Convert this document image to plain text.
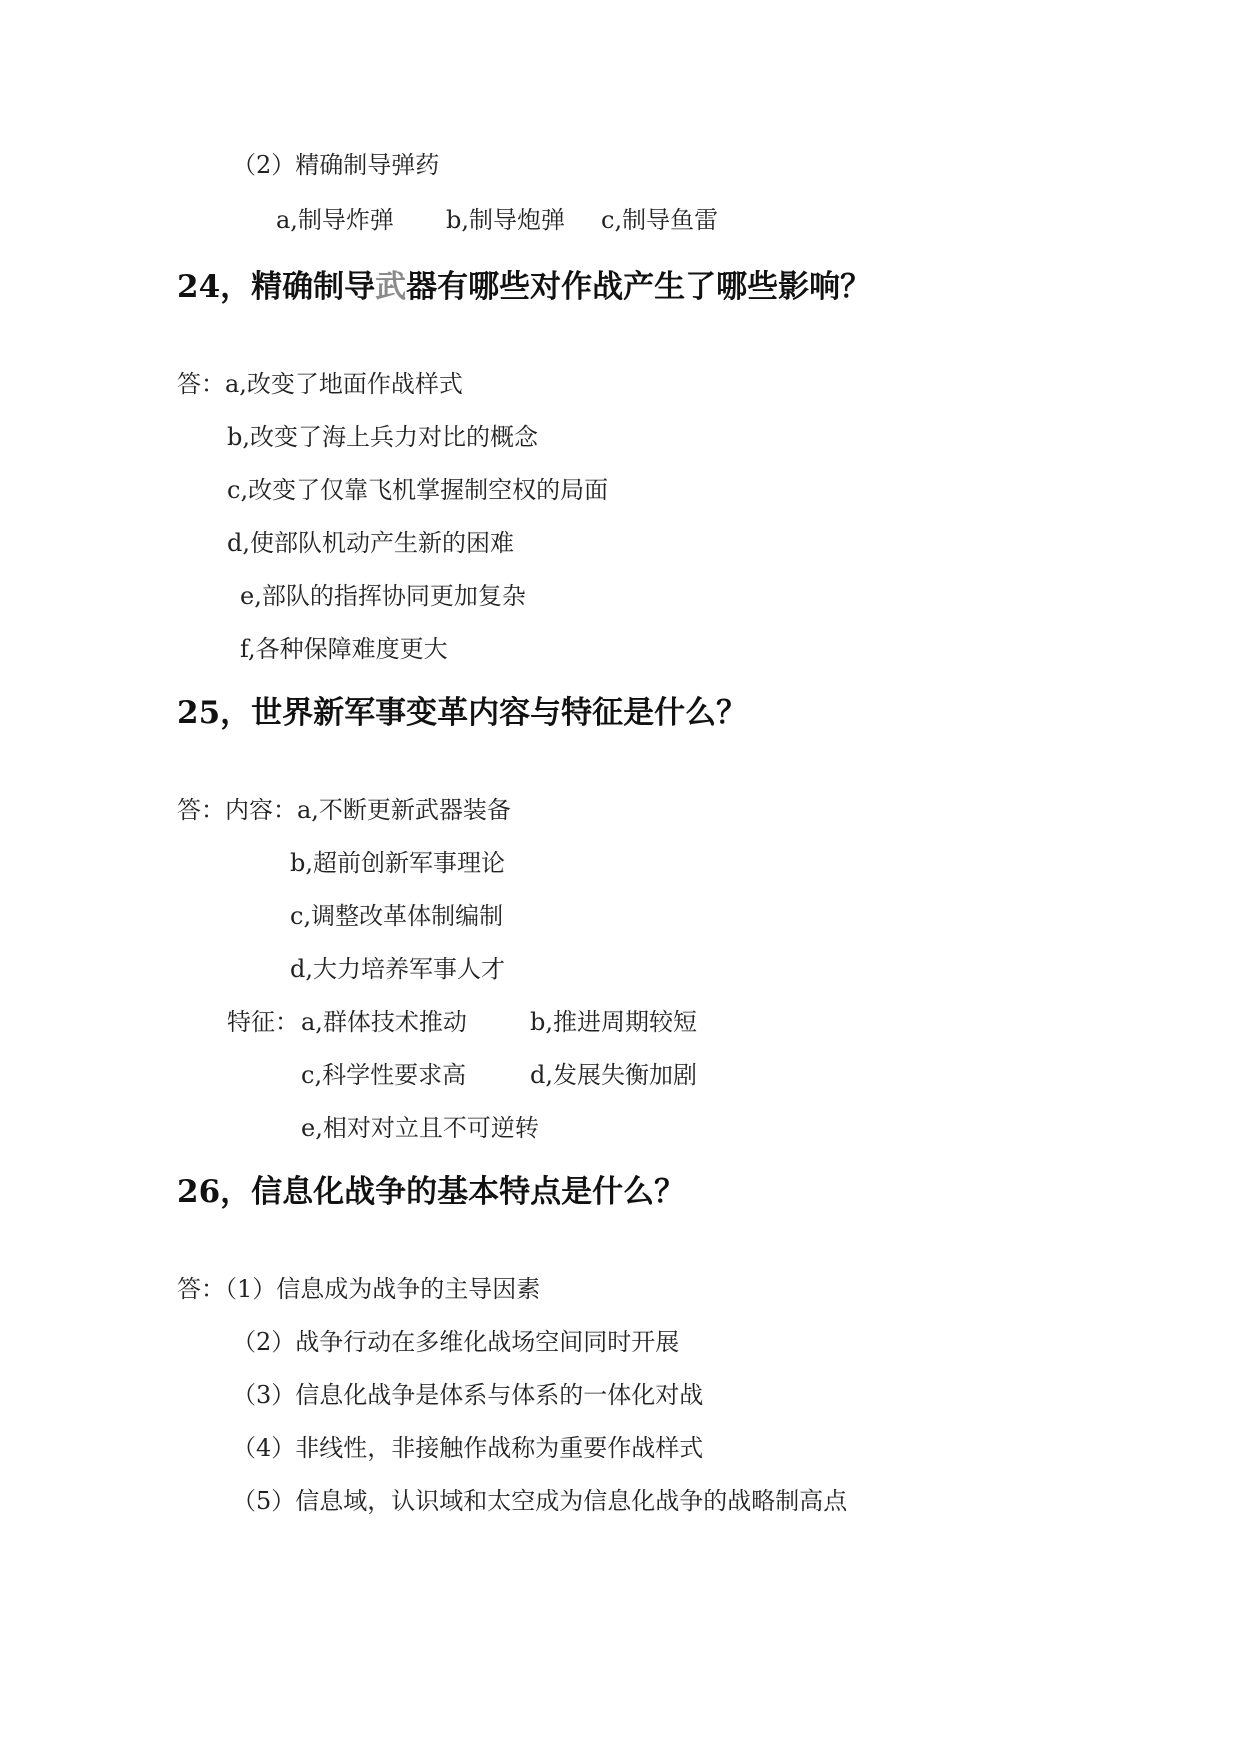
（2）精确制导弹药
a,制导炸弹 b,制导炮弹 c,制导鱼雷
24，精确制导武器有哪些对作战产生了哪些影响？
答：a,改变了地面作战样式
b,改变了海上兵力对比的概念
c,改变了仅靠飞机掌握制空权的局面
d,使部队机动产生新的困难
e,部队的指挥协同更加复杂
f,各种保障难度更大
25，世界新军事变革内容与特征是什么？
答：内容：a,不断更新武器装备
b,超前创新军事理论
c,调整改革体制编制
d,大力培养军事人才
特征： a,群体技术推动	b,推进周期较短
c,科学性要求高	d,发展失衡加剧
e,相对对立且不可逆转
26，信息化战争的基本特点是什么？
答：（1）信息成为战争的主导因素
（2）战争行动在多维化战场空间同时开展
（3）信息化战争是体系与体系的一体化对战
（4）非线性，非接触作战称为重要作战样式
（5）信息域，认识域和太空成为信息化战争的战略制高点
